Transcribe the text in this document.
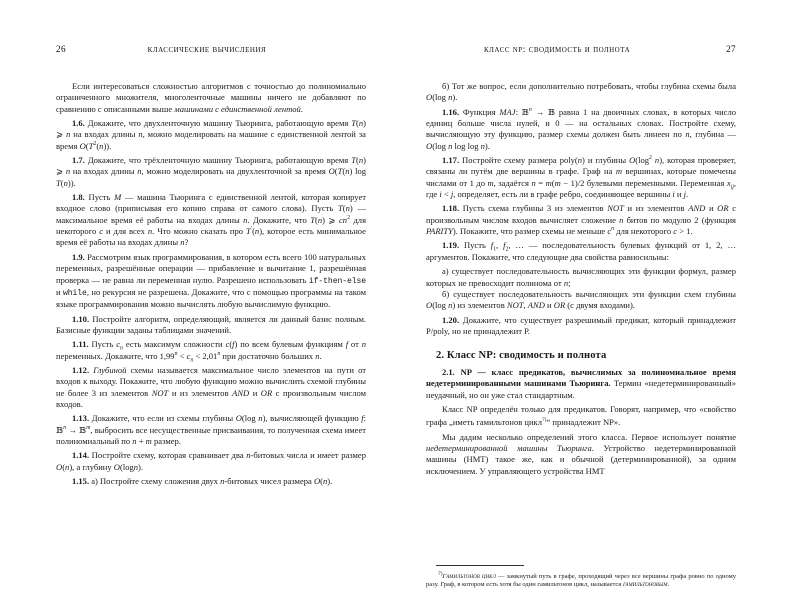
26	классические вычисления

Если интересоваться сложностью алгоритмов с точностью до полиномиально ограниченного множителя, многоленточные машины ничего не добавляют по сравнению с описанными выше машинами с единственной лентой.

1.6. Докажите, что двухленточную машину Тьюринга, работающую время T(n) ⩾ n на входах длины n, можно моделировать на машине с единственной лентой за время $O(T^2(n))$.

1.7. Докажите, что трёхленточную машину Тьюринга, работающую время T(n) ⩾ n на входах длины n, можно моделировать на двухленточной за время O(T(n) log T(n)).

1.8. Пусть M — машина Тьюринга с единственной лентой, которая копирует входное слово (приписывая его копию справа от самого слова). Пусть T(n) — максимальное время её работы на входах длины n. Докажите, что T(n) ⩾ $cn^2$ для некоторого c и для всех n. Что можно сказать про T′(n), которое есть минимальное время её работы на входах длины n?

1.9. Рассмотрим язык программирования, в котором есть всего 100 натуральных переменных, разрешённые операции — прибавление и вычитание 1, разрешённая проверка — не равна ли переменная нулю. Разрешено использовать if-then-else и while, но рекурсия не разрешена. Докажите, что с помощью программы на таком языке программирования можно вычислять любую вычислимую функцию.

1.10. Постройте алгоритм, определяющий, является ли данный базис полным. Базисные функции заданы таблицами значений.

1.11. Пусть $c_n$ есть максимум сложности c(f) по всем булевым функциям f от n переменных. Докажите, что $1,99^n < c_n < 2,01^n$ при достаточно больших n.

1.12. Глубиной схемы называется максимальное число элементов на пути от входов к выходу. Покажите, что любую функцию можно вычислить схемой глубины не более 3 из элементов NOT и из элементов AND и OR с произвольным числом входов.

1.13. Докажите, что если из схемы глубины O(log n), вычисляющей функцию f: 𝔹$^n$ → 𝔹$^m$, выбросить все несущественные присваивания, то полученная схема имеет полиномиальный по n + m размер.

1.14. Постройте схему, которая сравнивает два n-битовых числа и имеет размер O(n), а глубину O(logn).

1.15. а) Постройте схему сложения двух n-битовых чисел размера O(n).

класс np: сводимость и полнота	27

б) Тот же вопрос, если дополнительно потребовать, чтобы глубина схемы была O(log n).

1.16. Функция MAJ: 𝔹$^n$ → 𝔹 равна 1 на двоичных словах, в которых число единиц больше числа нулей, и 0 — на остальных словах. Постройте схему, вычисляющую эту функцию, размер схемы должен быть линеен по n, глубина — O(log n log log n).

1.17. Постройте схему размера poly(n) и глубины $O(\log^2$ n), которая проверяет, связаны ли путём две вершины в графе. Граф на m вершинах, которые помечены числами от 1 до m, задаётся n = m(m − 1)/2 булевыми переменными. Переменная $x_{ij}$, где i < j, определяет, есть ли в графе ребро, соединяющее вершины i и j.

1.18. Пусть схема глубины 3 из элементов NOT и из элементов AND и OR с произвольным числом входов вычисляет сложение n битов по модулю 2 (функция PARITY). Покажите, что размер схемы не меньше $c^n$ для некоторого c > 1.

1.19. Пусть $f_1$, $f_2$, … — последовательность булевых функций от 1, 2, … аргументов. Покажите, что следующие два свойства равносильны:

а) существует последовательность вычисляющих эти функции формул, размер которых не превосходит полинома от n;

б) существует последовательность вычисляющих эти функции схем глубины O(log n) из элементов NOT, AND и OR (с двумя входами).

1.20. Докажите, что существует разрешимый предикат, который принадлежит P/poly, но не принадлежит P.

2. Класс NP: сводимость и полнота

2.1. NP — класс предикатов, вычислимых за полиномиальное время недетерминированными машинами Тьюринга. Термин «недетерминированный» неудачный, но он уже стал стандартным.

Класс NP определён только для предикатов. Говорят, например, что «свойство графа „иметь гамильтонов цикл$^{7)}$“ принадлежит NP».

Мы дадим несколько определений этого класса. Первое использует понятие недетерминированной машины Тьюринга. Устройство недетерминированной машины (НМТ) такое же, как и обычной (детерминированной), за одним исключением. У управляющего устройства НМТ

$^{7)}$Гамильтонов цикл — замкнутый путь в графе, проходящий через все вершины графа ровно по одному разу. Граф, в котором есть хотя бы один гамильтонов цикл, называется гамильтоновым.
